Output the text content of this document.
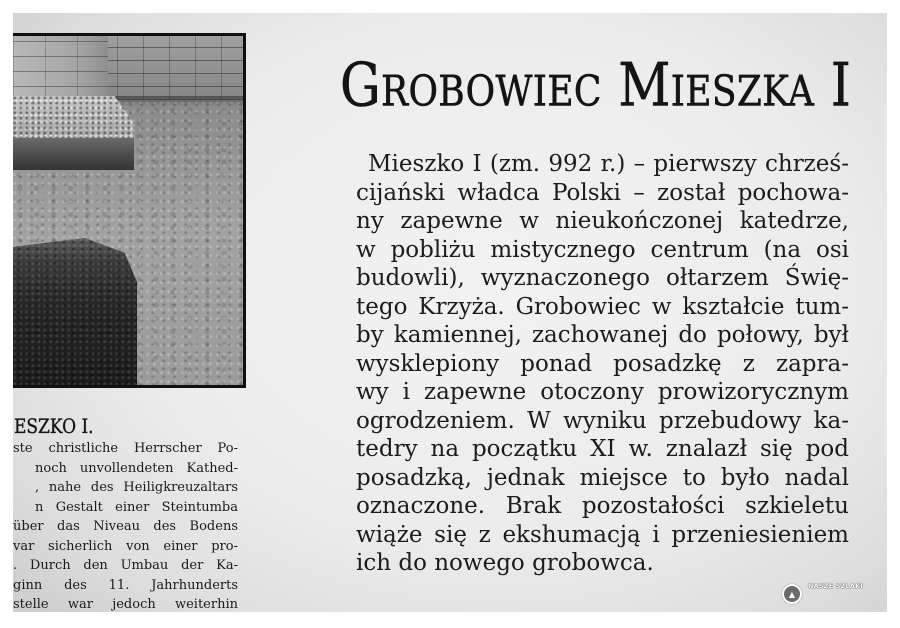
Grobowiec Mieszka I
Mieszko I (zm. 992 r.) – pierwszy chrześ-
cijański władca Polski – został pochowa-
ny zapewne w nieukończonej katedrze,
w pobliżu mistycznego centrum (na osi
budowli), wyznaczonego ołtarzem Świę-
tego Krzyża. Grobowiec w kształcie tum-
by kamiennej, zachowanej do połowy, był
wysklepiony ponad posadzkę z zapra-
wy i zapewne otoczony prowizorycznym
ogrodzeniem. W wyniku przebudowy ka-
tedry na początku XI w. znalazł się pod
posadzką, jednak miejsce to było nadal
oznaczone. Brak pozostałości szkieletu
wiąże się z ekshumacją i przeniesieniem
ich do nowego grobowca.
ESZKO I.
ste christliche Herrscher Po-
noch unvollendeten Kathed-
, nahe des Heiligkreuzaltars
n Gestalt einer Steintumba
über das Niveau des Bodens
var sicherlich von einer pro-
. Durch den Umbau der Ka-
ginn des 11. Jahrhunderts
stelle war jedoch weiterhin
▲
NASZE SZLAKI
